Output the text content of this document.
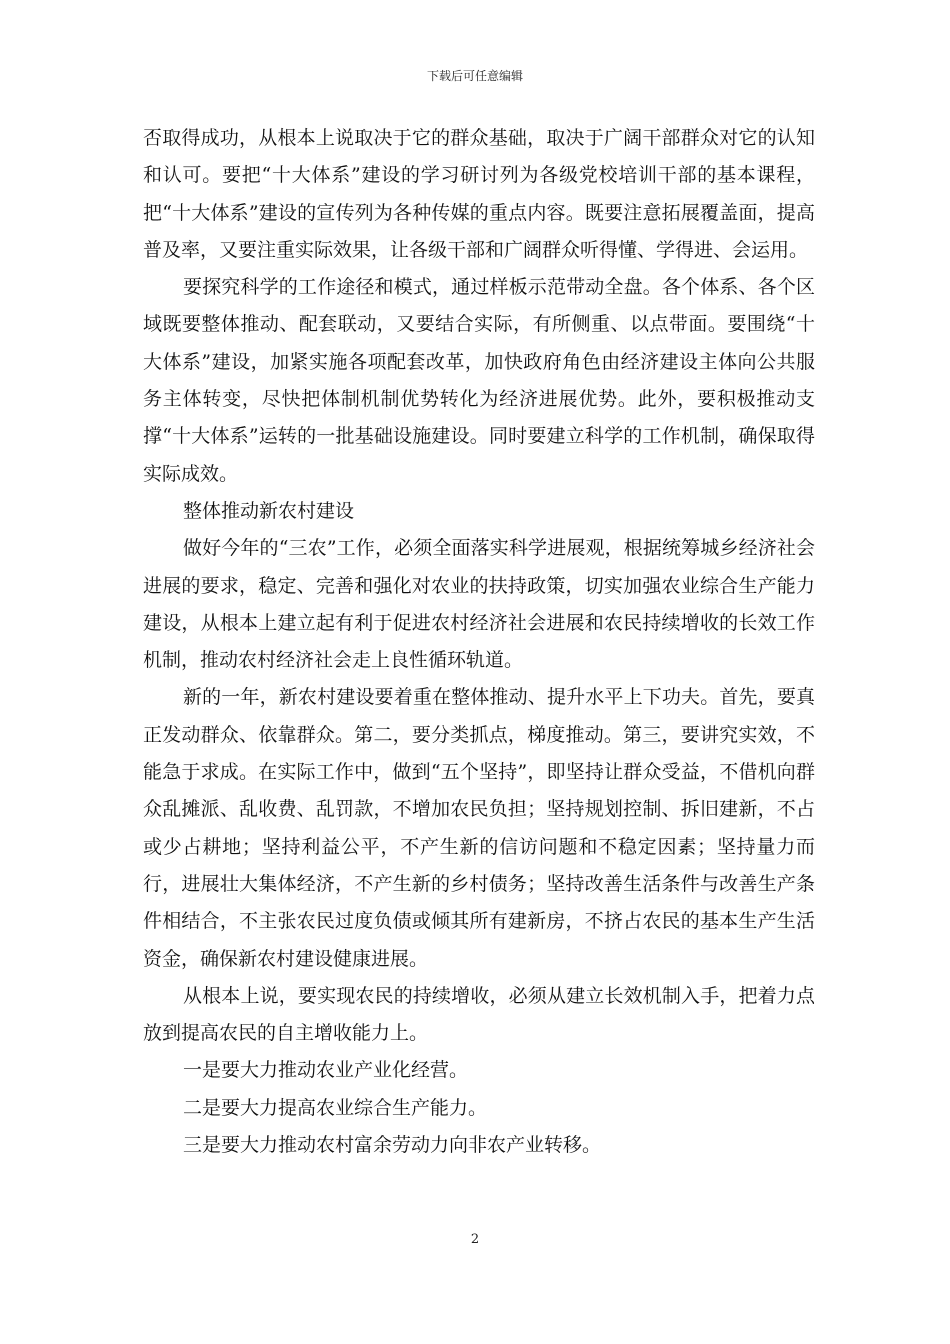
下载后可任意编辑

否取得成功，从根本上说取决于它的群众基础，取决于广阔干部群众对它的认知和认可。要把“十大体系”建设的学习研讨列为各级党校培训干部的基本课程，把“十大体系”建设的宣传列为各种传媒的重点内容。既要注意拓展覆盖面，提高普及率，又要注重实际效果，让各级干部和广阔群众听得懂、学得进、会运用。

要探究科学的工作途径和模式，通过样板示范带动全盘。各个体系、各个区域既要整体推动、配套联动，又要结合实际，有所侧重、以点带面。要围绕“十大体系”建设，加紧实施各项配套改革，加快政府角色由经济建设主体向公共服务主体转变，尽快把体制机制优势转化为经济进展优势。此外，要积极推动支撑“十大体系”运转的一批基础设施建设。同时要建立科学的工作机制，确保取得实际成效。

整体推动新农村建设

做好今年的“三农”工作，必须全面落实科学进展观，根据统筹城乡经济社会进展的要求，稳定、完善和强化对农业的扶持政策，切实加强农业综合生产能力建设，从根本上建立起有利于促进农村经济社会进展和农民持续增收的长效工作机制，推动农村经济社会走上良性循环轨道。

新的一年，新农村建设要着重在整体推动、提升水平上下功夫。首先，要真正发动群众、依靠群众。第二，要分类抓点，梯度推动。第三，要讲究实效，不能急于求成。在实际工作中，做到“五个坚持”，即坚持让群众受益，不借机向群众乱摊派、乱收费、乱罚款，不增加农民负担；坚持规划控制、拆旧建新，不占或少占耕地；坚持利益公平，不产生新的信访问题和不稳定因素；坚持量力而行，进展壮大集体经济，不产生新的乡村债务；坚持改善生活条件与改善生产条件相结合，不主张农民过度负债或倾其所有建新房，不挤占农民的基本生产生活资金，确保新农村建设健康进展。

从根本上说，要实现农民的持续增收，必须从建立长效机制入手，把着力点放到提高农民的自主增收能力上。

一是要大力推动农业产业化经营。

二是要大力提高农业综合生产能力。

三是要大力推动农村富余劳动力向非农产业转移。

2
